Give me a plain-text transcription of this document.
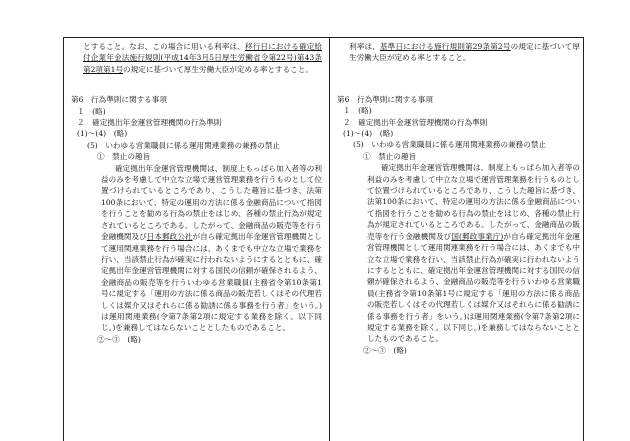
とすること。なお、この場合に用いる利率は、移行日における確定給付企業年金法施行規則(平成14年3月5日厚生労働省令第22号)第43条第2項第1号の規定に基づいて厚生労働大臣が定める率とすること。

第6　行為準則に関する事項

１　(略)

２　確定拠出年金運営管理機関の行為準則

(1)～(4)　(略)

(5)　いわゆる営業職員に係る運用関連業務の兼務の禁止

①　禁止の趣旨

確定拠出年金運営管理機関は、制度上もっぱら加入者等の利益のみを考慮して中立な立場で運営管理業務を行うものとして位置づけられているところであり、こうした趣旨に基づき、法第100条において、特定の運用の方法に係る金融商品について指図を行うことを勧める行為の禁止をはじめ、各種の禁止行為が規定されているところである。したがって、金融商品の販売等を行う金融機関及び日本郵政公社が自ら確定拠出年金運営管理機関として運用関連業務を行う場合には、あくまでも中立な立場で業務を行い、当該禁止行為が確実に行われないようにするとともに、確定拠出年金運営管理機関に対する国民の信頼が確保されるよう、金融商品の販売等を行ういわゆる営業職員(主務省令第10条第1号に規定する「運用の方法に係る商品の販売若しくはその代理若しくは媒介又はそれらに係る勧誘に係る事務を行う者」をいう。)は運用関連業務(令第7条第2項に規定する業務を除く。以下同じ。)を兼務してはならないこととしたものであること。

②～③　(略)

利率は、基準日における施行規則第29条第2号の規定に基づいて厚生労働大臣が定める率とすること。

第6　行為準則に関する事項

１　(略)

２　確定拠出年金運営管理機関の行為準則

(1)～(4)　(略)

(5)　いわゆる営業職員に係る運用関連業務の兼務の禁止

①　禁止の趣旨

確定拠出年金運営管理機関は、制度上もっぱら加入者等の利益のみを考慮して中立な立場で運営管理業務を行うものとして位置づけられているところであり、こうした趣旨に基づき、法第100条において、特定の運用の方法に係る金融商品について指図を行うことを勧める行為の禁止をはじめ、各種の禁止行為が規定されているところである。したがって、金融商品の販売等を行う金融機関及び国(郵政事業庁)が自ら確定拠出年金運営管理機関として運用関連業務を行う場合には、あくまでも中立な立場で業務を行い、当該禁止行為が確実に行われないようにするとともに、確定拠出年金運営管理機関に対する国民の信頼が確保されるよう、金融商品の販売等を行ういわゆる営業職員(主務省令第10条第1号に規定する「運用の方法に係る商品の販売若しくはその代理若しくは媒介又はそれらに係る勧誘に係る事務を行う者」をいう。)は運用関連業務(令第7条第2項に規定する業務を除く。以下同じ。)を兼務してはならないこととしたものであること。

②～③　(略)
